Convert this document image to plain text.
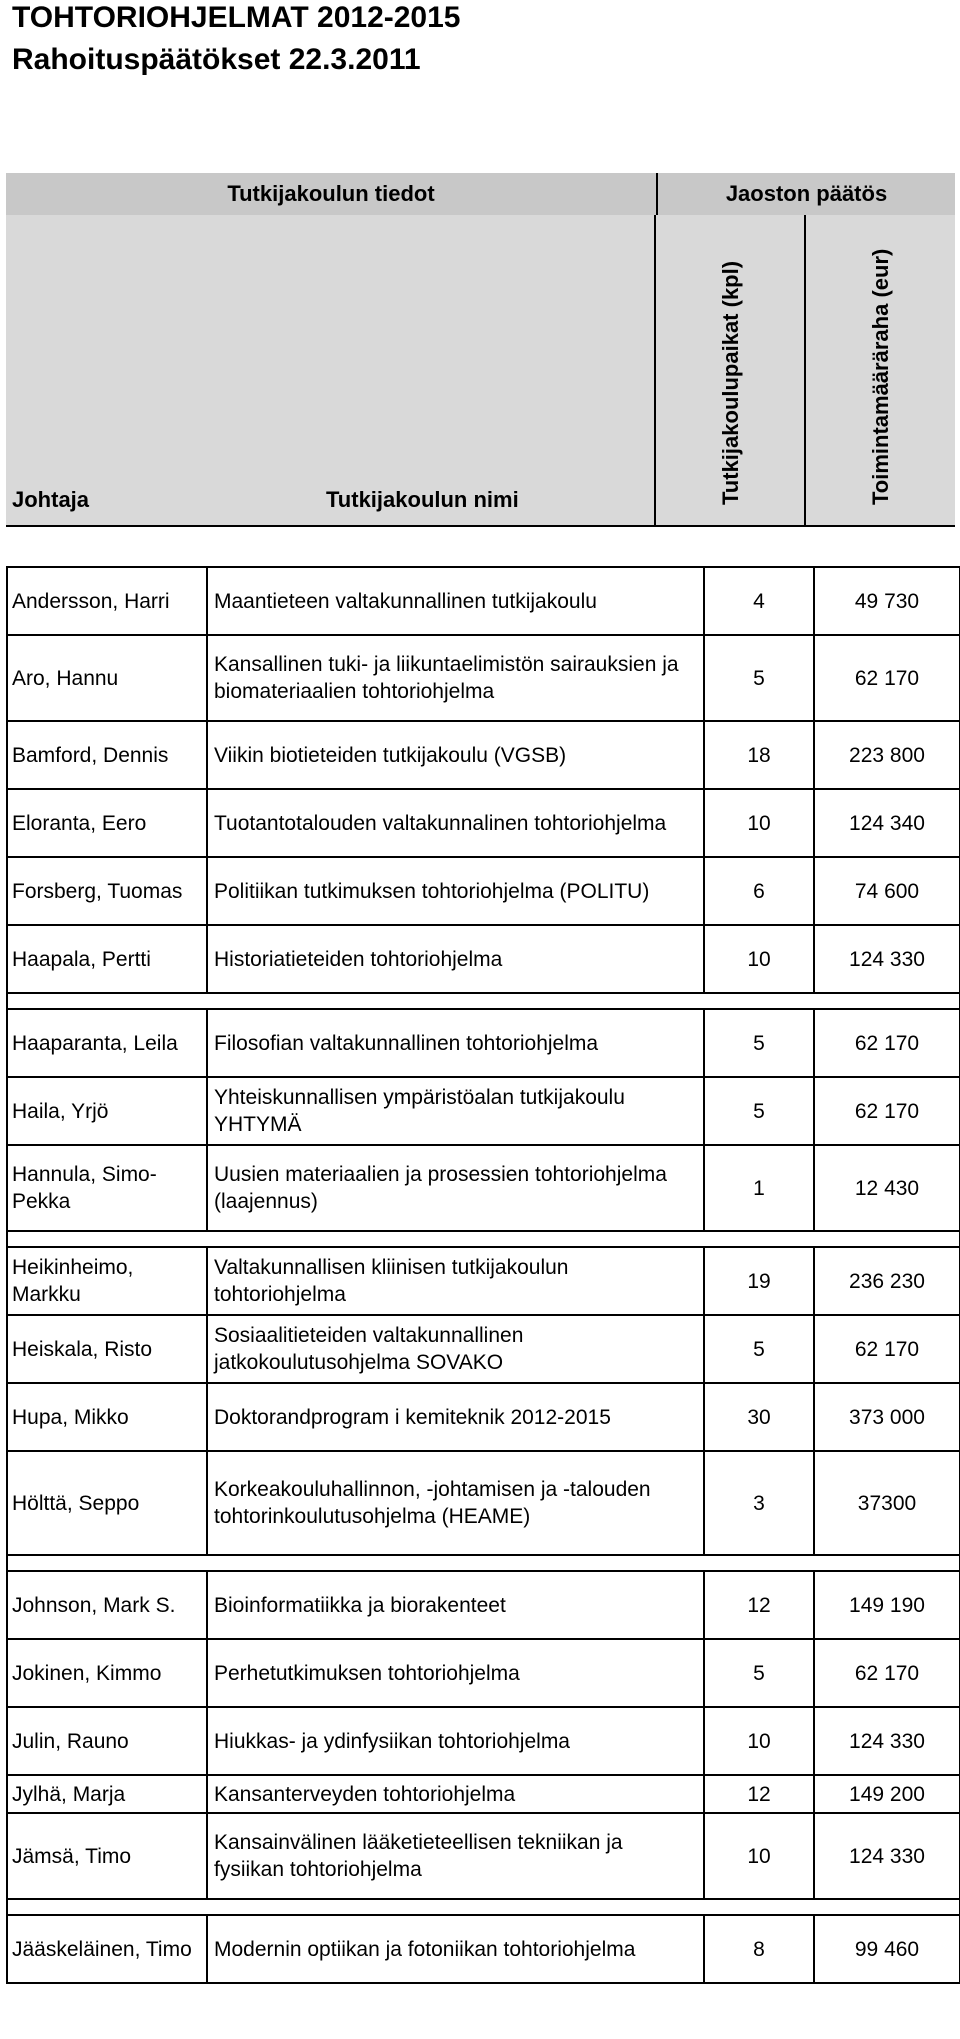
TOHTORIOHJELMAT 2012-2015
Rahoituspäätökset 22.3.2011
Tutkijakoulun tiedot	Jaoston päätös
Johtaja	Tutkijakoulun nimi	Tutkijakoulupaikat (kpl)	Toimintamääräraha (eur)
Andersson, Harri	Maantieteen valtakunnallinen tutkijakoulu	4	49 730
Aro, Hannu	Kansallinen tuki- ja liikuntaelimistön sairauksien ja biomateriaalien tohtoriohjelma	5	62 170
Bamford, Dennis	Viikin biotieteiden tutkijakoulu (VGSB)	18	223 800
Eloranta, Eero	Tuotantotalouden valtakunnalinen tohtoriohjelma	10	124 340
Forsberg, Tuomas	Politiikan tutkimuksen tohtoriohjelma (POLITU)	6	74 600
Haapala, Pertti	Historiatieteiden tohtoriohjelma	10	124 330

Haaparanta, Leila	Filosofian valtakunnallinen tohtoriohjelma	5	62 170
Haila, Yrjö	Yhteiskunnallisen ympäristöalan tutkijakoulu YHTYMÄ	5	62 170
Hannula, Simo-Pekka	Uusien materiaalien ja prosessien tohtoriohjelma (laajennus)	1	12 430

Heikinheimo, Markku	Valtakunnallisen kliinisen tutkijakoulun tohtoriohjelma	19	236 230
Heiskala, Risto	Sosiaalitieteiden valtakunnallinen jatkokoulutusohjelma SOVAKO	5	62 170
Hupa, Mikko	Doktorandprogram i kemiteknik 2012-2015	30	373 000
Hölttä, Seppo	Korkeakouluhallinnon, -johtamisen ja -talouden tohtorinkoulutusohjelma (HEAME)	3	37300

Johnson, Mark S.	Bioinformatiikka ja biorakenteet	12	149 190
Jokinen, Kimmo	Perhetutkimuksen tohtoriohjelma	5	62 170
Julin, Rauno	Hiukkas- ja ydinfysiikan tohtoriohjelma	10	124 330
Jylhä, Marja	Kansanterveyden tohtoriohjelma	12	149 200
Jämsä, Timo	Kansainvälinen lääketieteellisen tekniikan ja fysiikan tohtoriohjelma	10	124 330

Jääskeläinen, Timo	Modernin optiikan ja fotoniikan tohtoriohjelma	8	99 460
